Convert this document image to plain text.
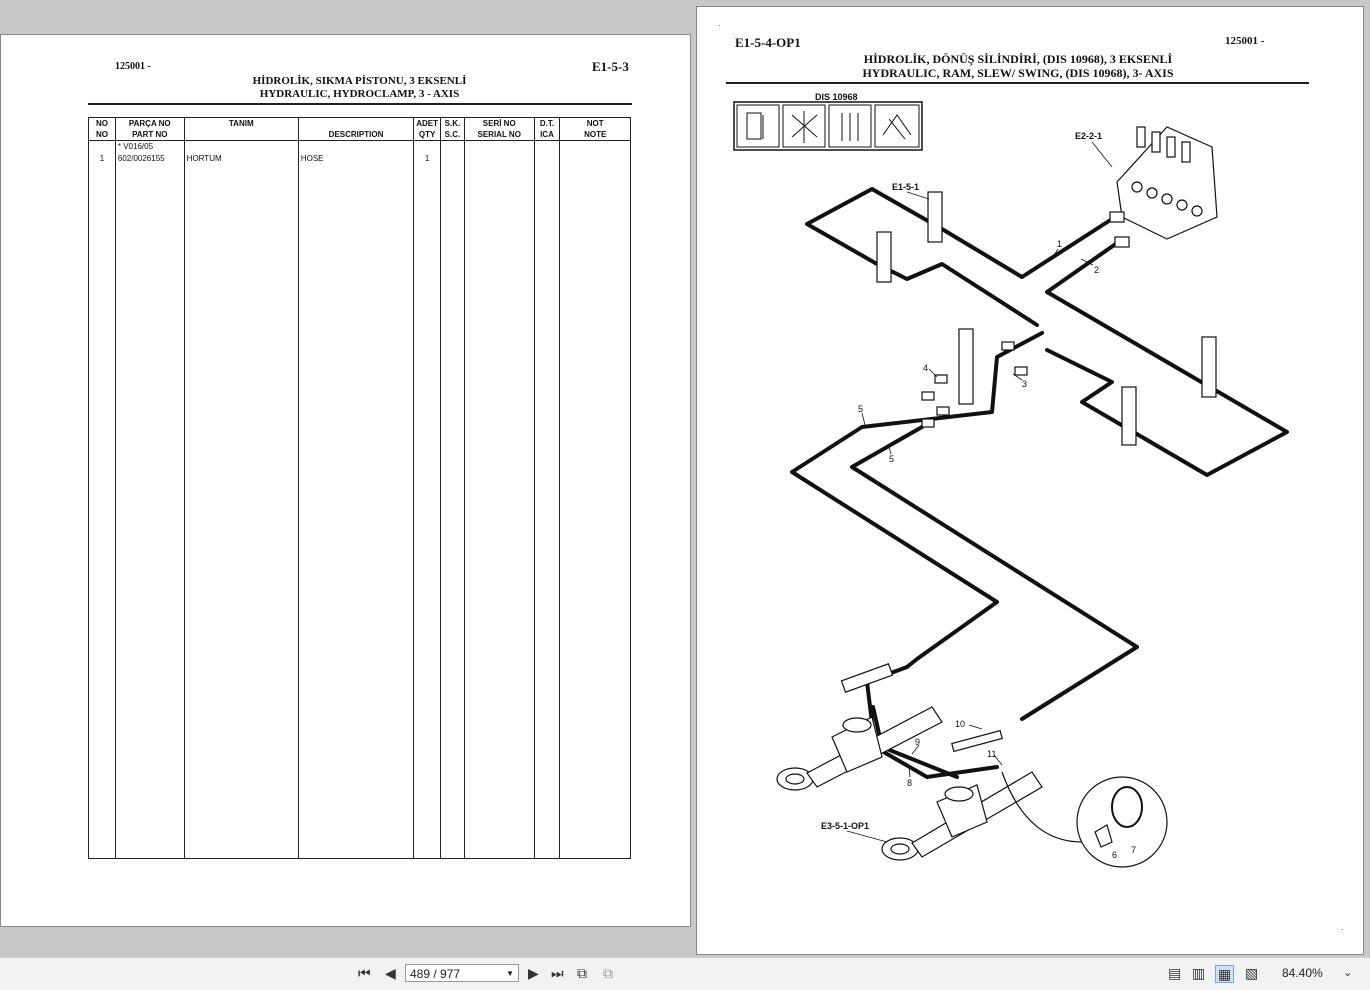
125001 -	E1-5-3
HİDROLİK, SIKMA PİSTONU, 3 EKSENLİ
HYDRAULIC, HYDROCLAMP, 3 - AXIS
NO	PARÇA NO	TANIM		ADET	S.K.	SERİ NO	D.T.	NOT
NO	PART NO		DESCRIPTION	QTY	S.C.	SERIAL NO	ICA	NOTE
	* V016/05							
1	602/0026155	HORTUM	HOSE	1				

·
E1-5-4-OP1	125001 -
HİDROLİK, DÖNÜŞ SİLİNDİRİ, (DIS 10968), 3 EKSENLİ
HYDRAULIC, RAM, SLEW/ SWING, (DIS 10968), 3- AXIS
DIS 10968
E2-2-1
E1-5-1
E3-5-1-OP1
1
2
3
4
5
5
6 7
8
9
10
11
·
⏮ ◀	489 / 977	▼ ▶ ⏭ ⧉ ⧉	▤ ▥ ▦ ▧ 84.40% ⌄
